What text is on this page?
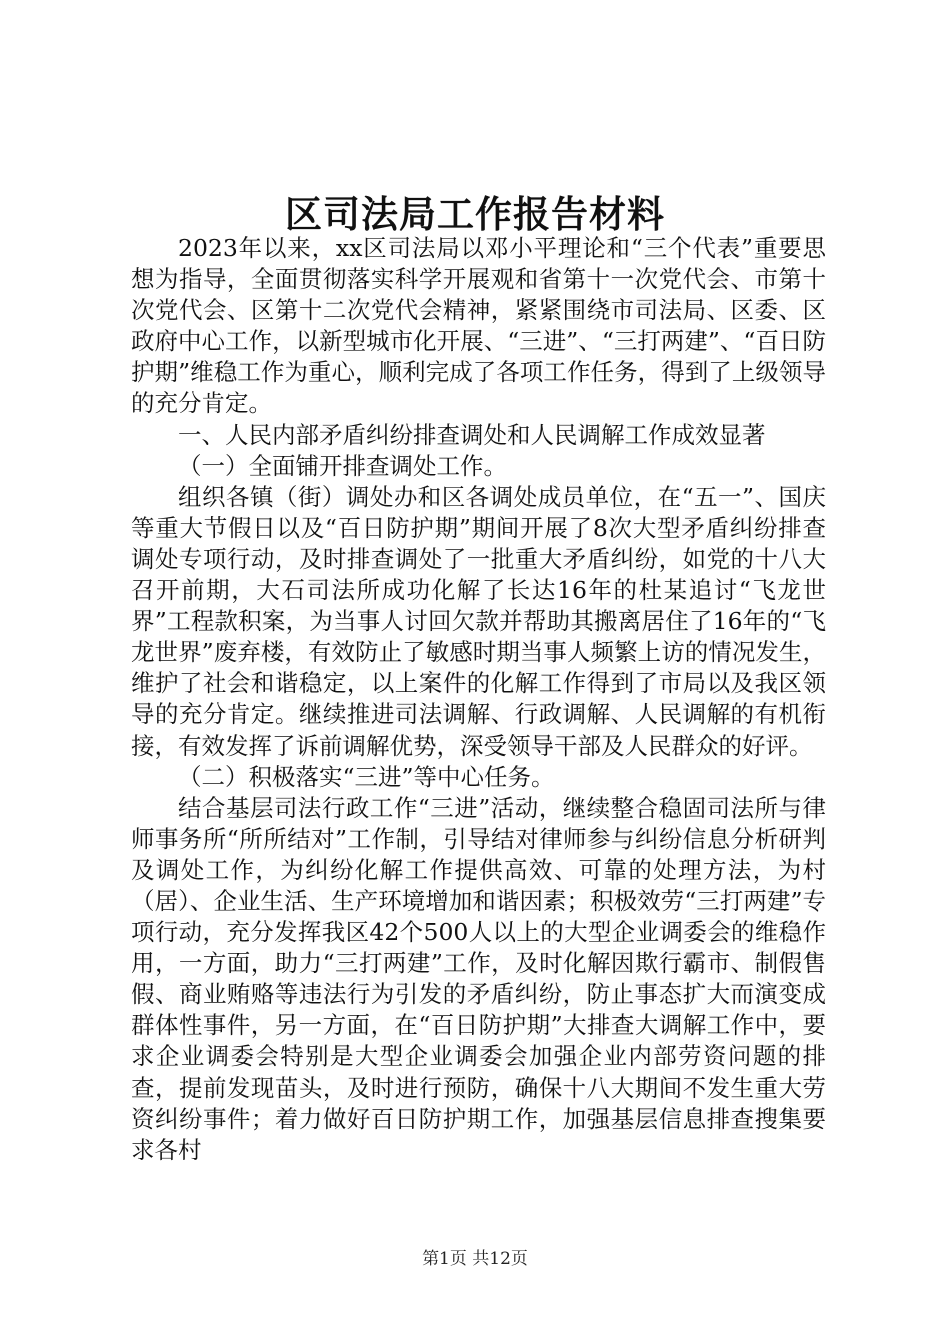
区司法局工作报告材料

2023年以来，xx区司法局以邓小平理论和“三个代表”重要思想为指导，全面贯彻落实科学开展观和省第十一次党代会、市第十次党代会、区第十二次党代会精神，紧紧围绕市司法局、区委、区政府中心工作，以新型城市化开展、“三进”、“三打两建”、“百日防护期”维稳工作为重心，顺利完成了各项工作任务，得到了上级领导的充分肯定。

一、人民内部矛盾纠纷排查调处和人民调解工作成效显著

（一）全面铺开排查调处工作。

组织各镇（街）调处办和区各调处成员单位，在“五一”、国庆等重大节假日以及“百日防护期”期间开展了8次大型矛盾纠纷排查调处专项行动，及时排查调处了一批重大矛盾纠纷，如党的十八大召开前期，大石司法所成功化解了长达16年的杜某追讨“飞龙世界”工程款积案，为当事人讨回欠款并帮助其搬离居住了16年的“飞龙世界”废弃楼，有效防止了敏感时期当事人频繁上访的情况发生，维护了社会和谐稳定，以上案件的化解工作得到了市局以及我区领导的充分肯定。继续推进司法调解、行政调解、人民调解的有机衔接，有效发挥了诉前调解优势，深受领导干部及人民群众的好评。

（二）积极落实“三进”等中心任务。

结合基层司法行政工作“三进”活动，继续整合稳固司法所与律师事务所“所所结对”工作制，引导结对律师参与纠纷信息分析研判及调处工作，为纠纷化解工作提供高效、可靠的处理方法，为村（居）、企业生活、生产环境增加和谐因素；积极效劳“三打两建”专项行动，充分发挥我区42个500人以上的大型企业调委会的维稳作用，一方面，助力“三打两建”工作，及时化解因欺行霸市、制假售假、商业贿赂等违法行为引发的矛盾纠纷，防止事态扩大而演变成群体性事件，另一方面，在“百日防护期”大排查大调解工作中，要求企业调委会特别是大型企业调委会加强企业内部劳资问题的排查，提前发现苗头，及时进行预防，确保十八大期间不发生重大劳资纠纷事件；着力做好百日防护期工作，加强基层信息排查搜集要求各村

第1页 共12页
